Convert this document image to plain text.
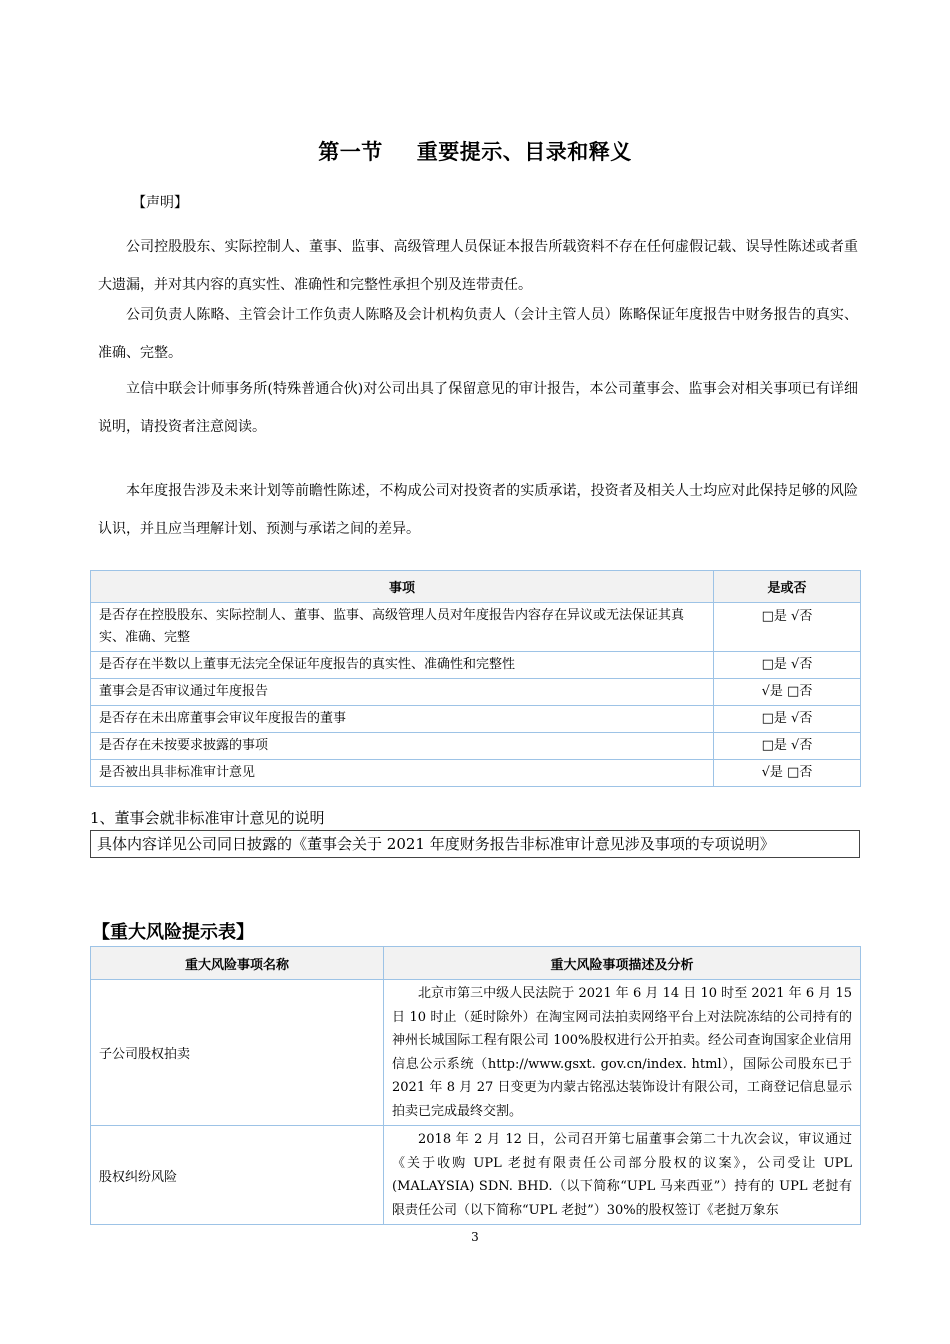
第一节 重要提示、目录和释义
【声明】

公司控股股东、实际控制人、董事、监事、高级管理人员保证本报告所载资料不存在任何虚假记载、误导性陈述或者重大遗漏，并对其内容的真实性、准确性和完整性承担个别及连带责任。

公司负责人陈略、主管会计工作负责人陈略及会计机构负责人（会计主管人员）陈略保证年度报告中财务报告的真实、准确、完整。

立信中联会计师事务所(特殊普通合伙)对公司出具了保留意见的审计报告，本公司董事会、监事会对相关事项已有详细说明，请投资者注意阅读。

本年度报告涉及未来计划等前瞻性陈述，不构成公司对投资者的实质承诺，投资者及相关人士均应对此保持足够的风险认识，并且应当理解计划、预测与承诺之间的差异。

事项	是或否
是否存在控股股东、实际控制人、董事、监事、高级管理人员对年度报告内容存在异议或无法保证其真实、准确、完整	□是 √否
是否存在半数以上董事无法完全保证年度报告的真实性、准确性和完整性	□是 √否
董事会是否审议通过年度报告	√是 □否
是否存在未出席董事会审议年度报告的董事	□是 √否
是否存在未按要求披露的事项	□是 √否
是否被出具非标准审计意见	√是 □否
1、董事会就非标准审计意见的说明
具体内容详见公司同日披露的《董事会关于 2021 年度财务报告非标准审计意见涉及事项的专项说明》
【重大风险提示表】
重大风险事项名称	重大风险事项描述及分析
子公司股权拍卖	北京市第三中级人民法院于 2021 年 6 月 14 日 10 时至 2021 年 6 月 15 日 10 时止（延时除外）在淘宝网司法拍卖网络平台上对法院冻结的公司持有的神州长城国际工程有限公司 100%股权进行公开拍卖。经公司查询国家企业信用信息公示系统（http://www.gsxt. gov.cn/index. html），国际公司股东已于 2021 年 8 月 27 日变更为内蒙古铭泓达装饰设计有限公司，工商登记信息显示拍卖已完成最终交割。

股权纠纷风险	2018 年 2 月 12 日，公司召开第七届董事会第二十九次会议，审议通过《关于收购 UPL 老挝有限责任公司部分股权的议案》，公司受让 UPL (MALAYSIA) SDN. BHD.（以下简称“UPL 马来西亚”）持有的 UPL 老挝有限责任公司（以下简称“UPL 老挝”）30%的股权签订《老挝万象东
3
